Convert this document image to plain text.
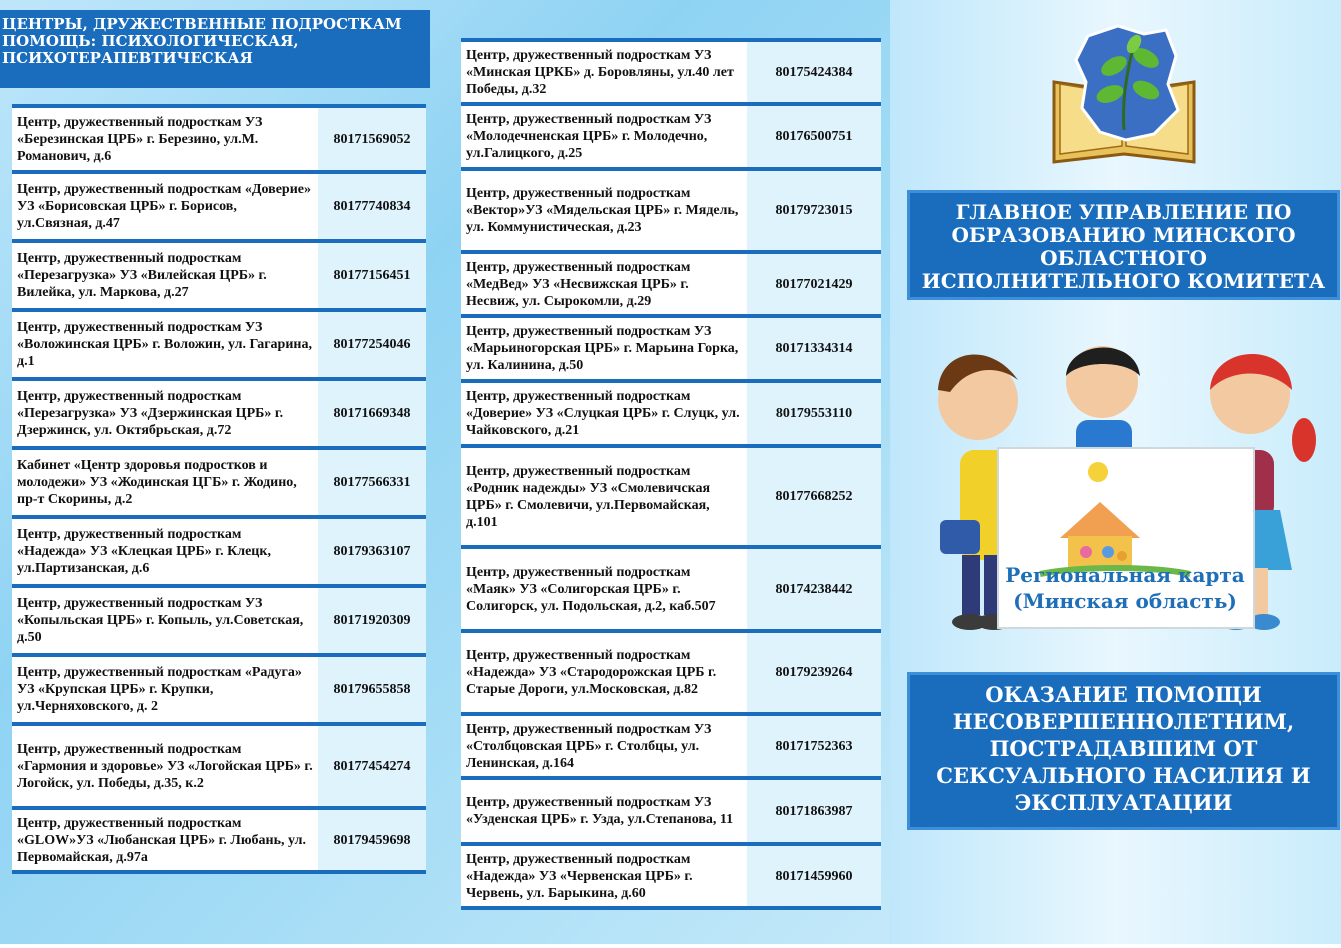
ЦЕНТРЫ, ДРУЖЕСТВЕННЫЕ ПОДРОСТКАМ ПОМОЩЬ: ПСИХОЛОГИЧЕСКАЯ, ПСИХОТЕРАПЕВТИЧЕСКАЯ
Центр, дружественный подросткам УЗ «Березинская ЦРБ» г. Березино, ул.М. Романович, д.6	80171569052
Центр, дружественный подросткам «Доверие» УЗ «Борисовская ЦРБ» г. Борисов, ул.Связная, д.47	80177740834
Центр, дружественный подросткам «Перезагрузка» УЗ «Вилейская ЦРБ» г. Вилейка, ул. Маркова, д.27	80177156451
Центр, дружественный подросткам УЗ «Воложинская ЦРБ» г. Воложин, ул. Гагарина, д.1	80177254046
Центр, дружественный подросткам «Перезагрузка» УЗ «Дзержинская ЦРБ» г. Дзержинск, ул. Октябрьская, д.72	80171669348
Кабинет «Центр здоровья подростков и молодежи» УЗ «Жодинская ЦГБ» г. Жодино, пр-т Скорины, д.2	80177566331
Центр, дружественный подросткам «Надежда» УЗ «Клецкая ЦРБ» г. Клецк, ул.Партизанская, д.6	80179363107
Центр, дружественный подросткам УЗ «Копыльская ЦРБ» г. Копыль, ул.Советская, д.50	80171920309
Центр, дружественный подросткам «Радуга» УЗ «Крупская ЦРБ» г. Крупки, ул.Черняховского, д. 2	80179655858
Центр, дружественный подросткам «Гармония и здоровье» УЗ «Логойская ЦРБ» г. Логойск, ул. Победы, д.35, к.2	80177454274
Центр, дружественный подросткам «GLOW»УЗ «Любанская ЦРБ» г. Любань, ул. Первомайская, д.97а	80179459698
Центр, дружественный подросткам УЗ «Минская ЦРКБ» д. Боровляны, ул.40 лет Победы, д.32	80175424384
Центр, дружественный подросткам УЗ «Молодечненская ЦРБ» г. Молодечно, ул.Галицкого, д.25	80176500751
Центр, дружественный подросткам «Вектор»УЗ «Мядельская ЦРБ» г. Мядель, ул. Коммунистическая, д.23	80179723015
Центр, дружественный подросткам «МедВед» УЗ «Несвижская ЦРБ» г. Несвиж, ул. Сырокомли, д.29	80177021429
Центр, дружественный подросткам УЗ «Марьиногорская ЦРБ» г. Марьина Горка, ул. Калинина, д.50	80171334314
Центр, дружественный подросткам «Доверие» УЗ «Слуцкая ЦРБ» г. Слуцк, ул. Чайковского, д.21	80179553110
Центр, дружественный подросткам «Родник надежды» УЗ «Смолевичская ЦРБ» г. Смолевичи, ул.Первомайская, д.101	80177668252
Центр, дружественный подросткам «Маяк» УЗ «Солигорская ЦРБ» г. Солигорск, ул. Подольская, д.2, каб.507	80174238442
Центр, дружественный подросткам «Надежда» УЗ «Стародорожская ЦРБ г. Старые Дороги, ул.Московская, д.82	80179239264
Центр, дружественный подросткам УЗ «Столбцовская ЦРБ» г. Столбцы, ул. Ленинская, д.164	80171752363
Центр, дружественный подросткам УЗ «Узденская ЦРБ» г. Узда, ул.Степанова, 11	80171863987
Центр, дружественный подросткам «Надежда» УЗ «Червенская ЦРБ» г. Червень, ул. Барыкина, д.60	80171459960
ГЛАВНОЕ УПРАВЛЕНИЕ ПО ОБРАЗОВАНИЮ МИНСКОГО ОБЛАСТНОГО ИСПОЛНИТЕЛЬНОГО КОМИТЕТА
Региональная карта (Минская область)
ОКАЗАНИЕ ПОМОЩИ НЕСОВЕРШЕННОЛЕТНИМ, ПОСТРАДАВШИМ ОТ СЕКСУАЛЬНОГО НАСИЛИЯ И ЭКСПЛУАТАЦИИ
